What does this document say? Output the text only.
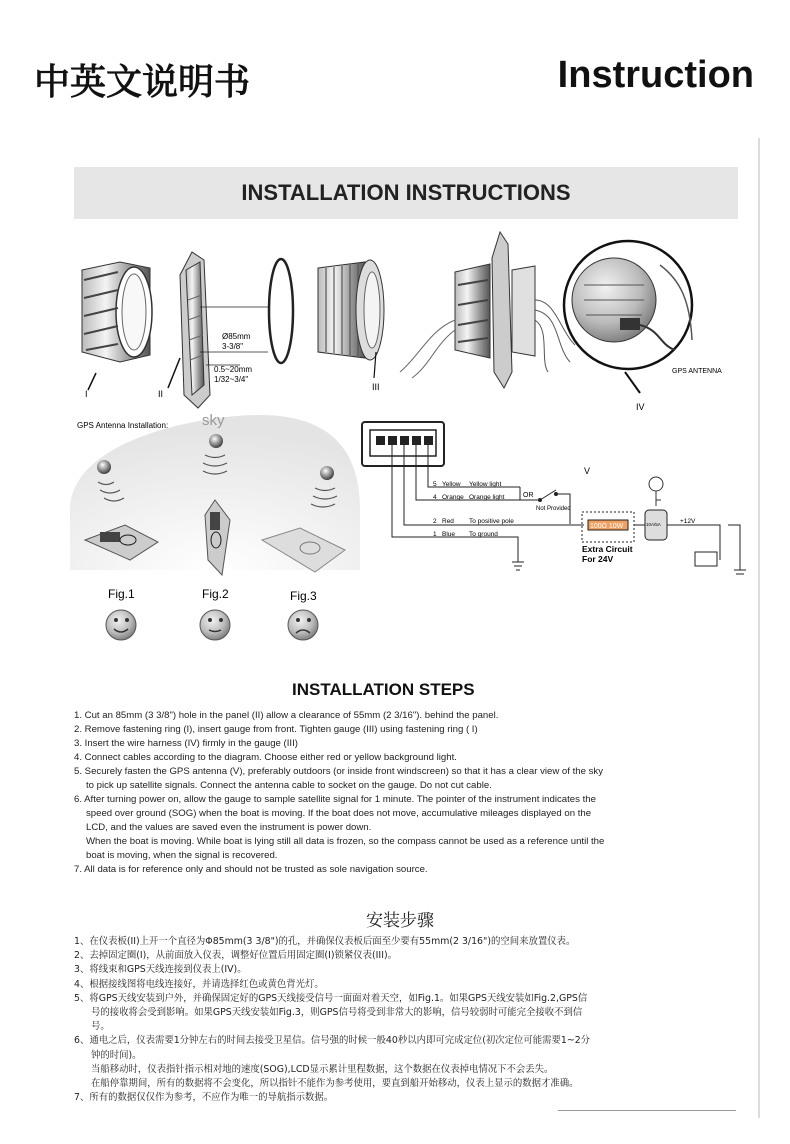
中英文说明书	Instruction
INSTALLATION INSTRUCTIONS
Ø85mm
3-3/8"
0.5~20mm
1/32~3/4"
I	II
III
GPS ANTENNA
IV
GPS Antenna Installation: sky
Fig.1	Fig.2	Fig.3
V
5 Yellow Yellow light
4 Orange Orange light	OR
Not Provided
2 Red To positive pole
1 Blue To ground
100Ω 10W	10A/5A	+12V
Extra Circuit
For 24V
INSTALLATION STEPS

1. Cut an 85mm (3 3/8") hole in the panel (II) allow a clearance of 55mm (2 3/16"). behind the panel.

2. Remove fastening ring (I), insert gauge from front. Tighten gauge (III) using fastening ring ( I)

3. Insert the wire harness (IV) firmly in the gauge (III)

4. Connect cables according to the diagram. Choose either red or yellow background light.

5. Securely fasten the GPS antenna (V), preferably outdoors (or inside front windscreen) so that it has a clear view of the sky

to pick up satellite signals. Connect the antenna cable to socket on the gauge. Do not cut cable.

6. After turning power on, allow the gauge to sample satellite signal for 1 minute. The pointer of the instrument indicates the

speed over ground (SOG) when the boat is moving. If the boat does not move, accumulative mileages displayed on the

LCD, and the values are saved even the instrument is power down.

When the boat is moving. While boat is lying still all data is frozen, so the compass cannot be used as a reference until the

boat is moving, when the signal is recovered.

7. All data is for reference only and should not be trusted as sole navigation source.

安装步骤

1、在仪表板(II)上开一个直径为Φ85mm(3 3/8")的孔，并确保仪表板后面至少要有55mm(2 3/16")的空间来放置仪表。

2、去掉固定圈(I)，从前面放入仪表，调整好位置后用固定圈(I)锁紧仪表(III)。

3、将线束和GPS天线连接到仪表上(IV)。

4、根据接线图将电线连接好，并请选择红色或黄色背光灯。

5、将GPS天线安装到户外，并确保固定好的GPS天线接受信号一面面对着天空，如Fig.1。如果GPS天线安装如Fig.2,GPS信

号的接收将会受到影响。如果GPS天线安装如Fig.3，则GPS信号将受到非常大的影响，信号较弱时可能完全接收不到信

号。

6、通电之后，仪表需要1分钟左右的时间去接受卫星信。信号强的时候一般40秒以内即可完成定位(初次定位可能需要1~2分

钟的时间)。

当船移动时，仪表指针指示相对地的速度(SOG),LCD显示累计里程数据，这个数据在仪表掉电情况下不会丢失。

在船停靠期间，所有的数据将不会变化，所以指针不能作为参考使用，要直到船开始移动，仪表上显示的数据才准确。

7、所有的数据仅仅作为参考，不应作为唯一的导航指示数据。
